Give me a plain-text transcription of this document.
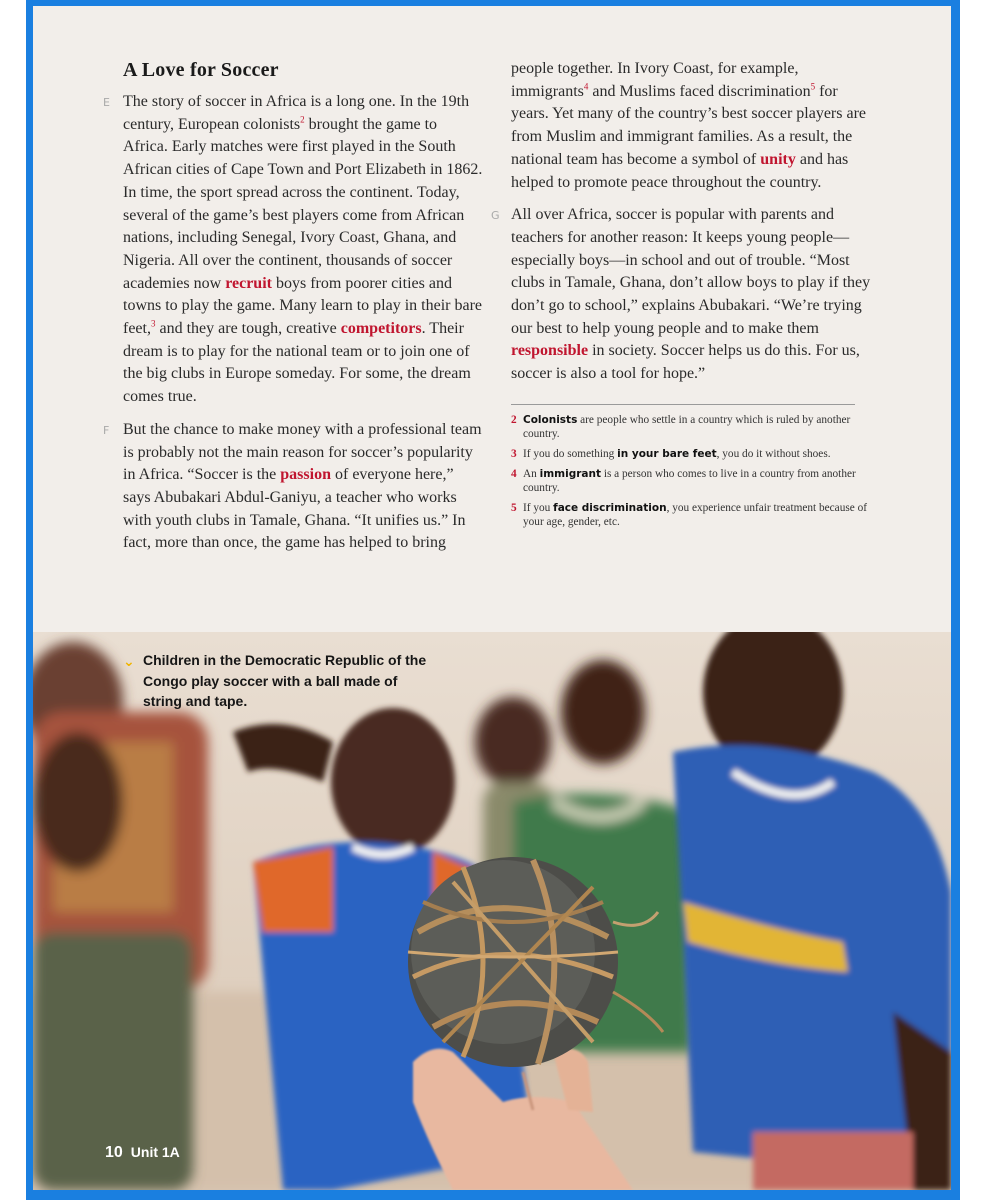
A Love for Soccer

E The story of soccer in Africa is a long one. In the 19th century, European colonists$^2$ brought the game to Africa. Early matches were first played in the South African cities of Cape Town and Port Elizabeth in 1862. In time, the sport spread across the continent. Today, several of the game’s best players come from African nations, including Senegal, Ivory Coast, Ghana, and Nigeria. All over the continent, thousands of soccer academies now recruit boys from poorer cities and towns to play the game. Many learn to play in their bare feet,$^3$ and they are tough, creative competitors. Their dream is to play for the national team or to join one of the big clubs in Europe someday. For some, the dream comes true.

F But the chance to make money with a professional team is probably not the main reason for soccer’s popularity in Africa. “Soccer is the passion of everyone here,” says Abubakari Abdul-Ganiyu, a teacher who works with youth clubs in Tamale, Ghana. “It unifies us.” In fact, more than once, the game has helped to bring

people together. In Ivory Coast, for example, immigrants$^4$ and Muslims faced discrimination$^5$ for years. Yet many of the country’s best soccer players are from Muslim and immigrant families. As a result, the national team has become a symbol of unity and has helped to promote peace throughout the country.

G All over Africa, soccer is popular with parents and teachers for another reason: It keeps young people—especially boys—in school and out of trouble. “Most clubs in Tamale, Ghana, don’t allow boys to play if they don’t go to school,” explains Abubakari. “We’re trying our best to help young people and to make them responsible in society. Soccer helps us do this. For us, soccer is also a tool for hope.”

2 Colonists are people who settle in a country which is ruled by another country.
3 If you do something in your bare feet, you do it without shoes.
4 An immigrant is a person who comes to live in a country from another country.
5 If you face discrimination, you experience unfair treatment because of your age, gender, etc.
⌄ Children in the Democratic Republic of the Congo play soccer with a ball made of string and tape.
10 Unit 1A
